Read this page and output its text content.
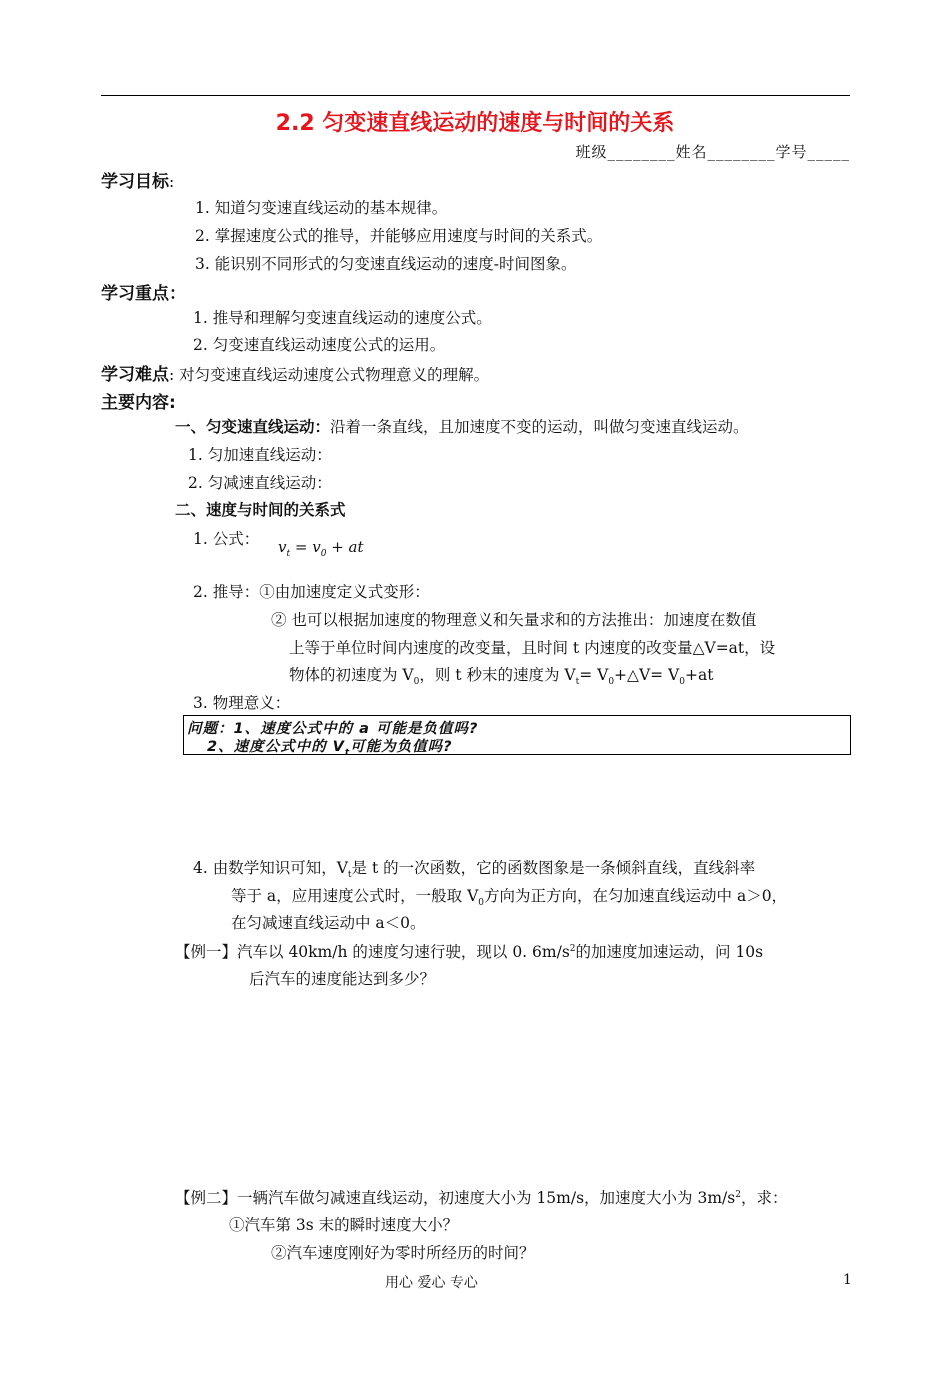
2.2 匀变速直线运动的速度与时间的关系
班级________姓名________学号_____
学习目标:
1. 知道匀变速直线运动的基本规律。
2. 掌握速度公式的推导，并能够应用速度与时间的关系式。
3. 能识别不同形式的匀变速直线运动的速度-时间图象。
学习重点：
1. 推导和理解匀变速直线运动的速度公式。
2. 匀变速直线运动速度公式的运用。
学习难点: 对匀变速直线运动速度公式物理意义的理解。
主要内容:
一、匀变速直线运动：沿着一条直线，且加速度不变的运动，叫做匀变速直线运动。
1. 匀加速直线运动：
2. 匀减速直线运动：
二、速度与时间的关系式
1. 公式： $v_t = v_0$ + at
2. 推导：①由加速度定义式变形：
② 也可以根据加速度的物理意义和矢量求和的方法推出：加速度在数值
上等于单位时间内速度的改变量，且时间 t 内速度的改变量△V=at，设
物体的初速度为 $V_0$，则 t 秒末的速度为 $V_t=$ $V_0+\triangle V= V_0+at$
3. 物理意义：
问题：1、速度公式中的 a 可能是负值吗?
2、速度公式中的 $V_t$可能为负值吗?
4. 由数学知识可知，$V_t$是 t 的一次函数，它的函数图象是一条倾斜直线，直线斜率
等于 a，应用速度公式时，一般取 $V_0$方向为正方向，在匀加速直线运动中 a＞0，
在匀减速直线运动中 a＜0。
【例一】汽车以 40km/h 的速度匀速行驶，现以 0. $6m/s^2$的加速度加速运动，问 10s
后汽车的速度能达到多少？
【例二】一辆汽车做匀减速直线运动，初速度大小为 15m/s，加速度大小为 $3m/s^2$，求：
①汽车第 3s 末的瞬时速度大小？
②汽车速度刚好为零时所经历的时间？
用心 爱心 专心	1
